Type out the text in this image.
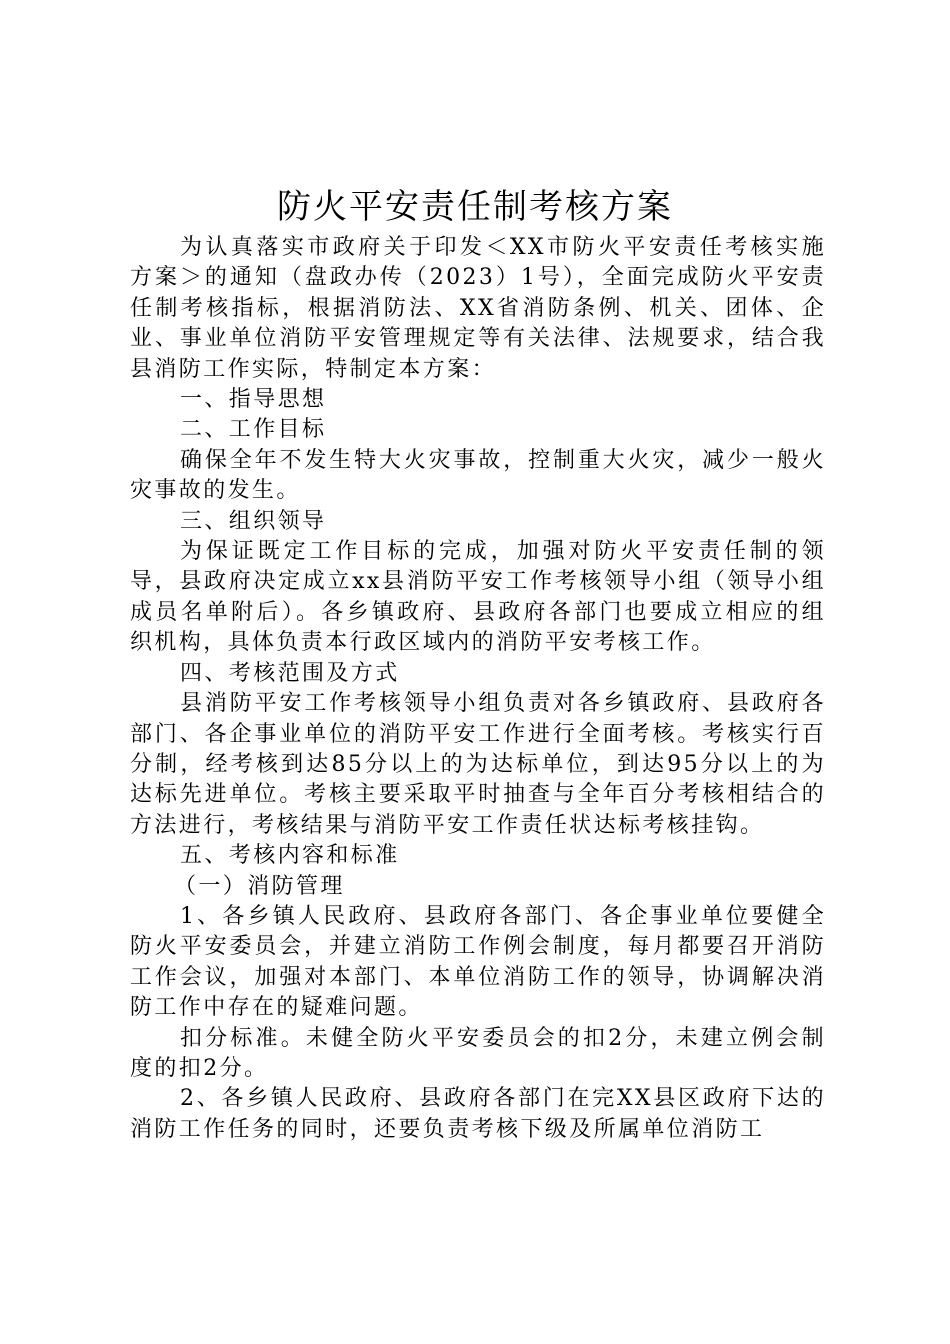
防火平安责任制考核方案

为认真落实市政府关于印发＜XX市防火平安责任考核实施方案＞的通知（盘政办传（2023）1号），全面完成防火平安责任制考核指标，根据消防法、XX省消防条例、机关、团体、企业、事业单位消防平安管理规定等有关法律、法规要求，结合我县消防工作实际，特制定本方案：

一、指导思想

二、工作目标

确保全年不发生特大火灾事故，控制重大火灾，减少一般火灾事故的发生。

三、组织领导

为保证既定工作目标的完成，加强对防火平安责任制的领导，县政府决定成立xx县消防平安工作考核领导小组（领导小组成员名单附后）。各乡镇政府、县政府各部门也要成立相应的组织机构，具体负责本行政区域内的消防平安考核工作。

四、考核范围及方式

县消防平安工作考核领导小组负责对各乡镇政府、县政府各部门、各企事业单位的消防平安工作进行全面考核。考核实行百分制，经考核到达85分以上的为达标单位，到达95分以上的为达标先进单位。考核主要采取平时抽查与全年百分考核相结合的方法进行，考核结果与消防平安工作责任状达标考核挂钩。

五、考核内容和标准

（一）消防管理

1、各乡镇人民政府、县政府各部门、各企事业单位要健全防火平安委员会，并建立消防工作例会制度，每月都要召开消防工作会议，加强对本部门、本单位消防工作的领导，协调解决消防工作中存在的疑难问题。

扣分标准。未健全防火平安委员会的扣2分，未建立例会制度的扣2分。

2、各乡镇人民政府、县政府各部门在完XX县区政府下达的消防工作任务的同时，还要负责考核下级及所属单位消防工
